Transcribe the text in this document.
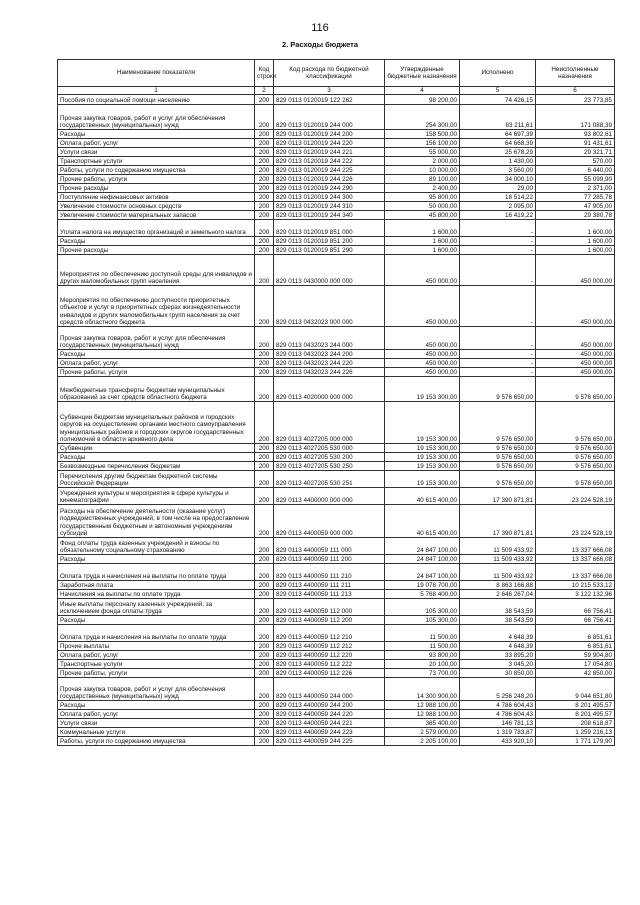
116
2. Расходы бюджета
Наименование показателя	Код строки	Код расхода по бюджетной классификации	Утвержденные бюджетные назначения	Исполнено	Неисполненные назначения
1	2	3	4	5	6
Пособия по социальной помощи населению	200	829 0113 0120019 122 262	98 200,00	74 426,15	23 773,85
Прочая закупка товаров, работ и услуг для обеспечения государственных (муниципальных) нужд	200	829 0113 0120019 244 000	254 300,00	83 211,61	171 088,39
Расходы	200	829 0113 0120019 244 200	158 500,00	64 697,39	93 802,61
Оплата работ, услуг	200	829 0113 0120019 244 220	156 100,00	64 668,39	91 431,61
Услуги связи	200	829 0113 0120019 244 221	55 000,00	25 678,29	29 321,71
Транспортные услуги	200	829 0113 0120019 244 222	2 000,00	1 430,00	570,00
Работы, услуги по содержанию имущества	200	829 0113 0120019 244 225	10 000,00	3 560,00	6 440,00
Прочие работы, услуги	200	829 0113 0120019 244 226	89 100,00	34 000,10	55 099,90
Прочие расходы	200	829 0113 0120019 244 290	2 400,00	29,00	2 371,00
Поступление нефинансовых активов	200	829 0113 0120019 244 300	95 800,00	18 514,22	77 285,78
Увеличение стоимости основных средств	200	829 0113 0120019 244 310	50 000,00	2 095,00	47 905,00
Увеличение стоимости материальных запасов	200	829 0113 0120019 244 340	45 800,00	16 419,22	29 380,78
Уплата налога на имущество организаций и земельного налога	200	829 0113 0120019 851 000	1 600,00	-	1 600,00
Расходы	200	829 0113 0120019 851 200	1 600,00	-	1 600,00
Прочие расходы	200	829 0113 0120019 851 290	1 600,00	-	1 600,00
Мероприятия по обеспечению доступной среды для инвалидов и других маломобильных групп населения	200	829 0113 0430000 000 000	450 000,00	-	450 000,00
Мероприятия по обеспечению доступности приоритетных объектов и услуг в приоритетных сферах жизнедеятельности инвалидов и других маломобильных групп населения за счет средств областного бюджета	200	829 0113 0432023 000 000	450 000,00	-	450 000,00
Прочая закупка товаров, работ и услуг для обеспечения государственных (муниципальных) нужд	200	829 0113 0432023 244 000	450 000,00	-	450 000,00
Расходы	200	829 0113 0432023 244 200	450 000,00	-	450 000,00
Оплата работ, услуг	200	829 0113 0432023 244 220	450 000,00	-	450 000,00
Прочие работы, услуги	200	829 0113 0432023 244 226	450 000,00	-	450 000,00
Межбюджетные трансферты бюджетам муниципальных образований за счет средств областного бюджета	200	829 0113 4020000 000 000	19 153 300,00	9 576 650,00	9 576 650,00
Субвенции бюджетам муниципальных районов и городских округов на осуществление органами местного самоуправления муниципальных районов и городских округов государственных полномочий в области архивного дела	200	829 0113 4027205 000 000	19 153 300,00	9 576 650,00	9 576 650,00
Субвенции	200	829 0113 4027205 530 000	19 153 300,00	9 576 650,00	9 576 650,00
Расходы	200	829 0113 4027205 530 200	19 153 300,00	9 576 650,00	9 576 650,00
Безвозмездные перечисления бюджетам	200	829 0113 4027205 530 250	19 153 300,00	9 576 650,00	9 576 650,00
Перечисления другим бюджетам бюджетной системы Российской Федерации	200	829 0113 4027205 530 251	19 153 300,00	9 576 650,00	9 576 650,00
Учреждения культуры и мероприятия в сфере культуры и кинематографии	200	829 0113 4400000 000 000	40 615 400,00	17 390 871,81	23 224 528,19
Расходы на обеспечение деятельности (оказание услуг) подведомственных учреждений, в том числе на предоставление государственным бюджетным и автономным учреждениям субсидий	200	829 0113 4400059 000 000	40 615 400,00	17 390 871,81	23 224 528,19
Фонд оплаты труда казенных учреждений и взносы по обязательному социальному страхованию	200	829 0113 4400059 111 000	24 847 100,00	11 509 433,92	13 337 666,08
Расходы	200	829 0113 4400059 111 200	24 847 100,00	11 509 433,92	13 337 666,08
Оплата труда и начисления на выплаты по оплате труда	200	829 0113 4400059 111 210	24 847 100,00	11 509 433,92	13 337 666,08
Заработная плата	200	829 0113 4400059 111 211	19 078 700,00	8 863 166,88	10 215 533,12
Начисления на выплаты по оплате труда	200	829 0113 4400059 111 213	5 768 400,00	2 646 267,04	3 122 132,96
Иные выплаты персоналу казенных учреждений, за исключением фонда оплаты труда	200	829 0113 4400059 112 000	105 300,00	38 543,59	66 756,41
Расходы	200	829 0113 4400059 112 200	105 300,00	38 543,59	66 756,41
Оплата труда и начисления на выплаты по оплате труда	200	829 0113 4400059 112 210	11 500,00	4 648,39	6 851,61
Прочие выплаты	200	829 0113 4400059 112 212	11 500,00	4 648,39	6 851,61
Оплата работ, услуг	200	829 0113 4400059 112 220	93 800,00	33 895,20	59 904,80
Транспортные услуги	200	829 0113 4400059 112 222	20 100,00	3 045,20	17 054,80
Прочие работы, услуги	200	829 0113 4400059 112 226	73 700,00	30 850,00	42 850,00
Прочая закупка товаров, работ и услуг для обеспечения государственных (муниципальных) нужд	200	829 0113 4400059 244 000	14 300 900,00	5 256 248,20	9 044 651,80
Расходы	200	829 0113 4400059 244 200	12 988 100,00	4 786 604,43	8 201 495,57
Оплата работ, услуг	200	829 0113 4400059 244 220	12 988 100,00	4 786 604,43	8 201 495,57
Услуги связи	200	829 0113 4400059 244 221	365 400,00	146 781,13	208 618,87
Коммунальные услуги	200	829 0113 4400059 244 223	2 579 000,00	1 319 783,87	1 259 216,13
Работы, услуги по содержанию имущества	200	829 0113 4400059 244 225	2 205 100,00	433 920,10	1 771 179,90
